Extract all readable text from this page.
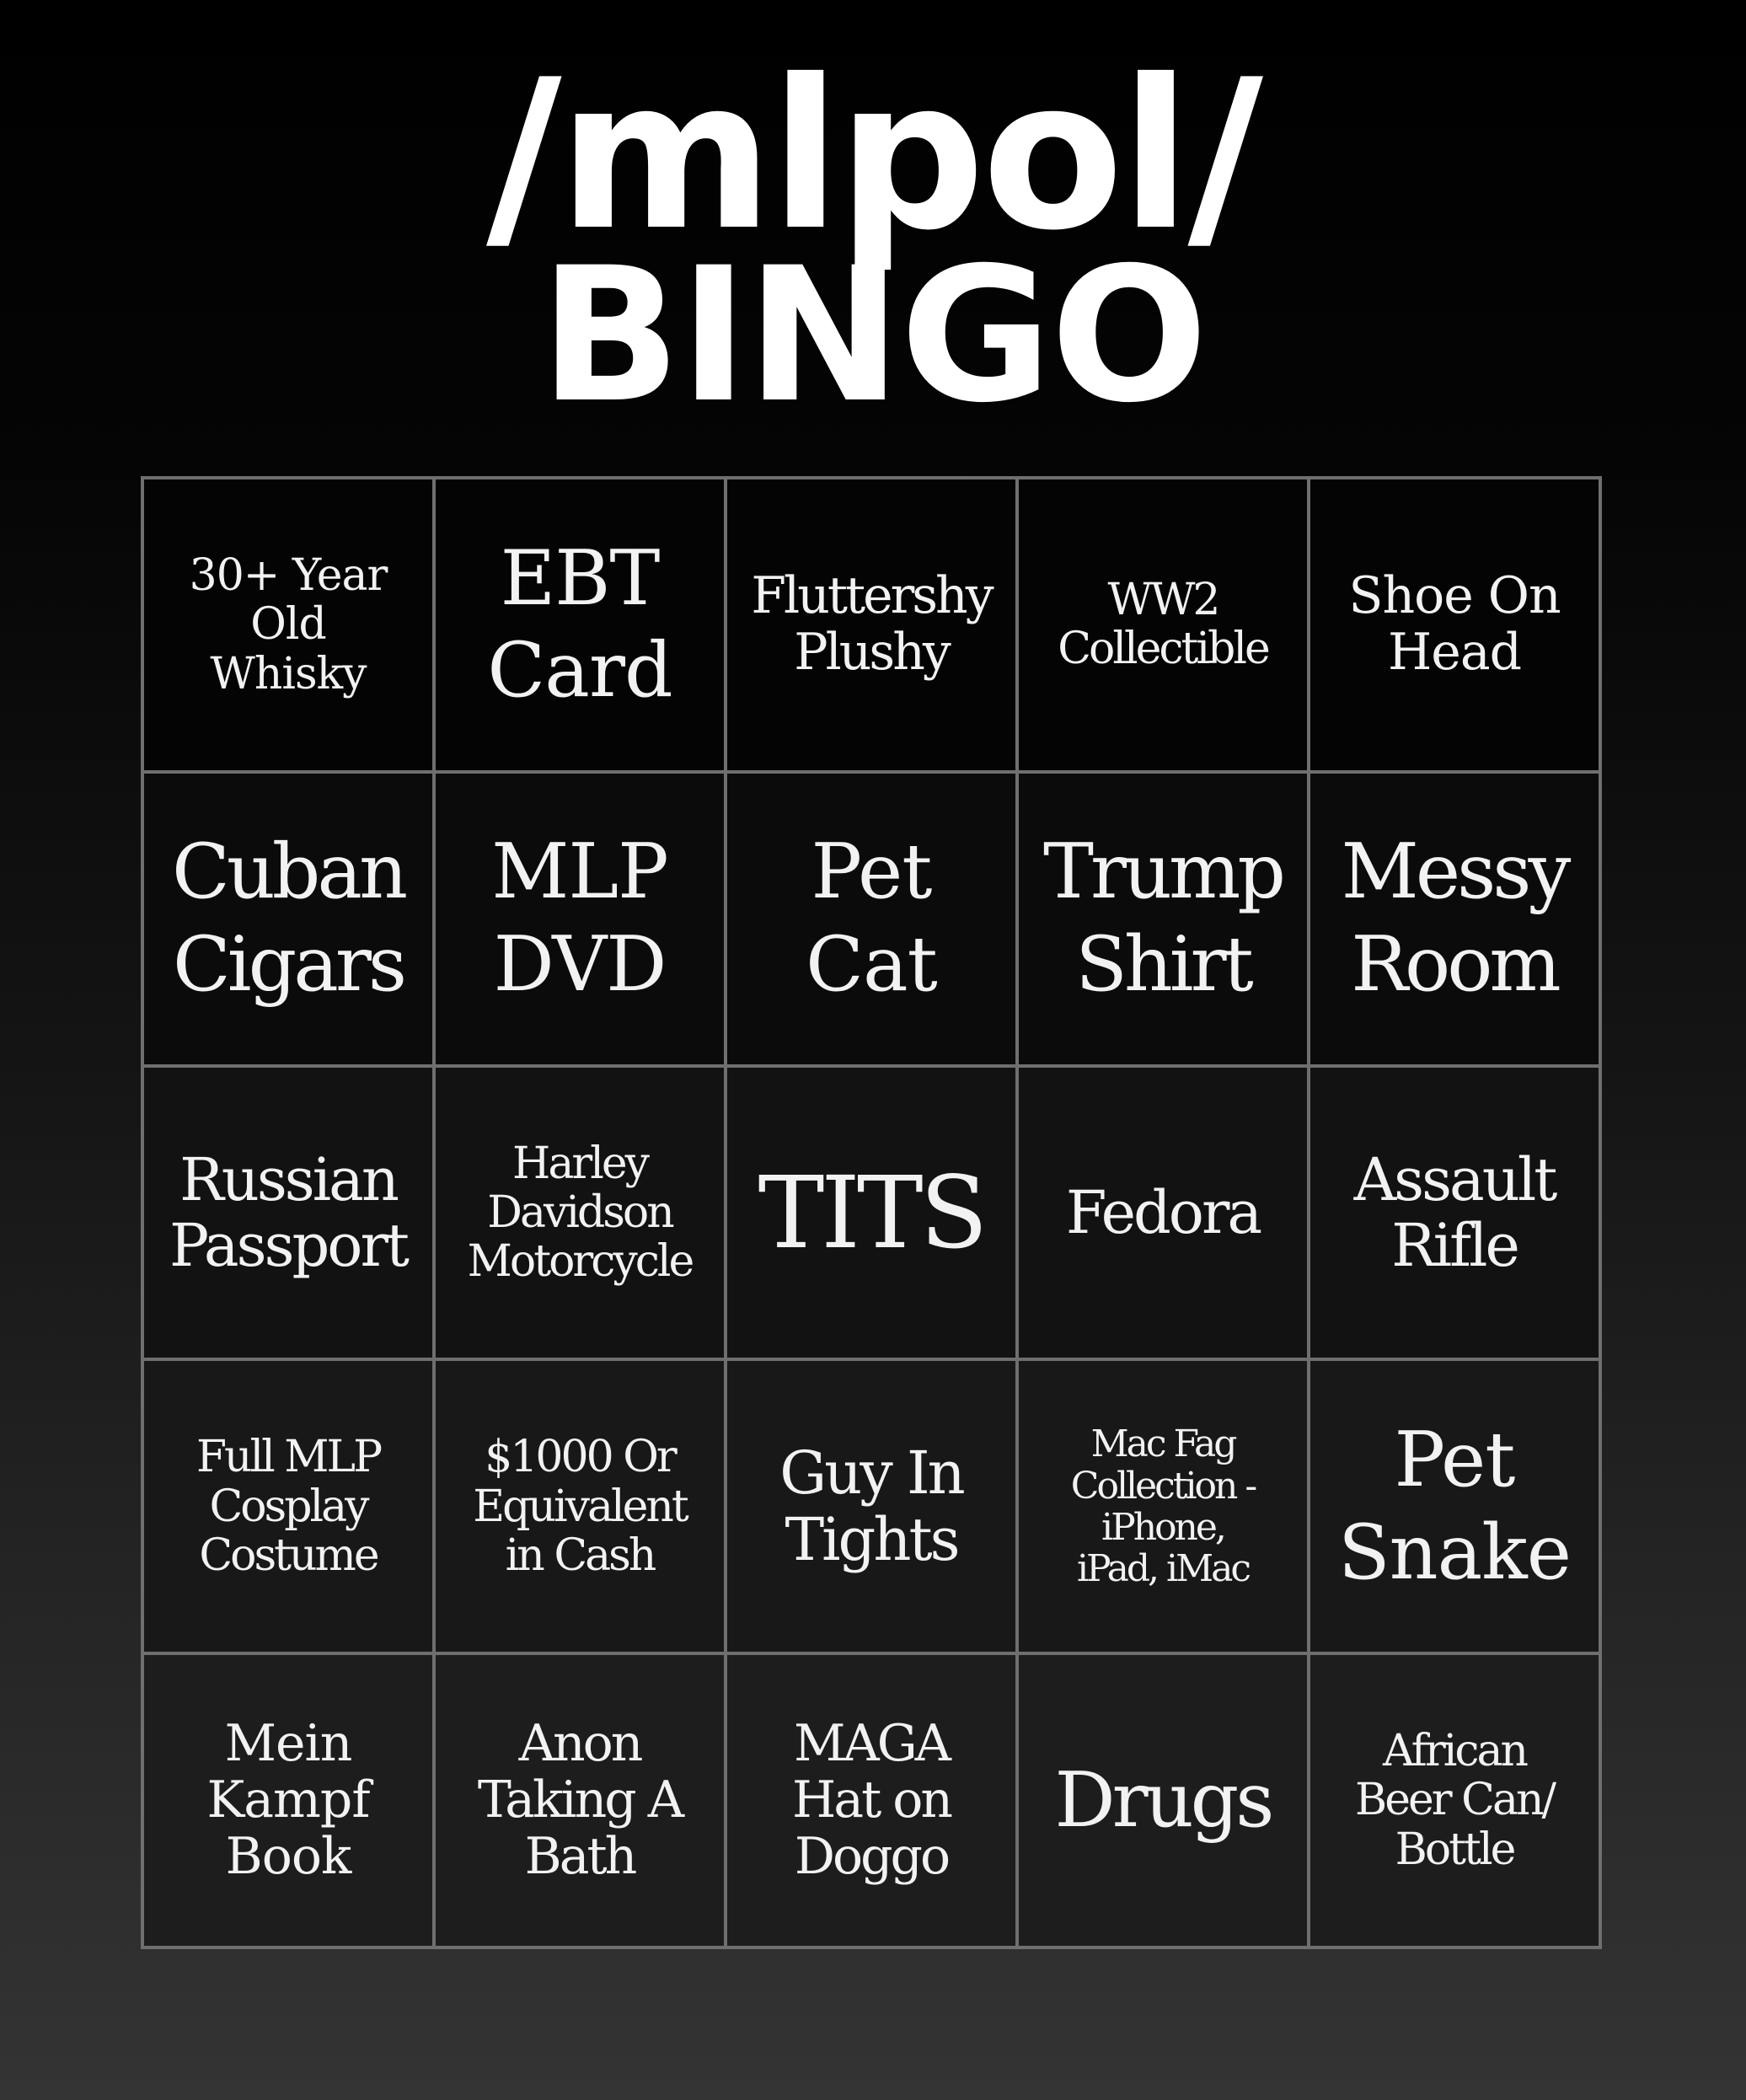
/mlpol/
BINGO
30+ Year
Old
Whisky
EBT
Card
Fluttershy
Plushy
WW2
Collectible
Shoe On
Head
Cuban
Cigars
MLP
DVD
Pet
Cat
Trump
Shirt
Messy
Room
Russian
Passport
Harley
Davidson
Motorcycle TITS	Fedora	Assault
Rifle
Full MLP
Cosplay
Costume
$1000 Or
Equivalent
in Cash
Guy In
Tights
Mac Fag
Collection -
iPhone,
iPad, iMac
Pet
Snake
Mein
Kampf
Book
Anon
Taking A
Bath
MAGA
Hat on
Doggo
Drugs
African
Beer Can/
Bottle
